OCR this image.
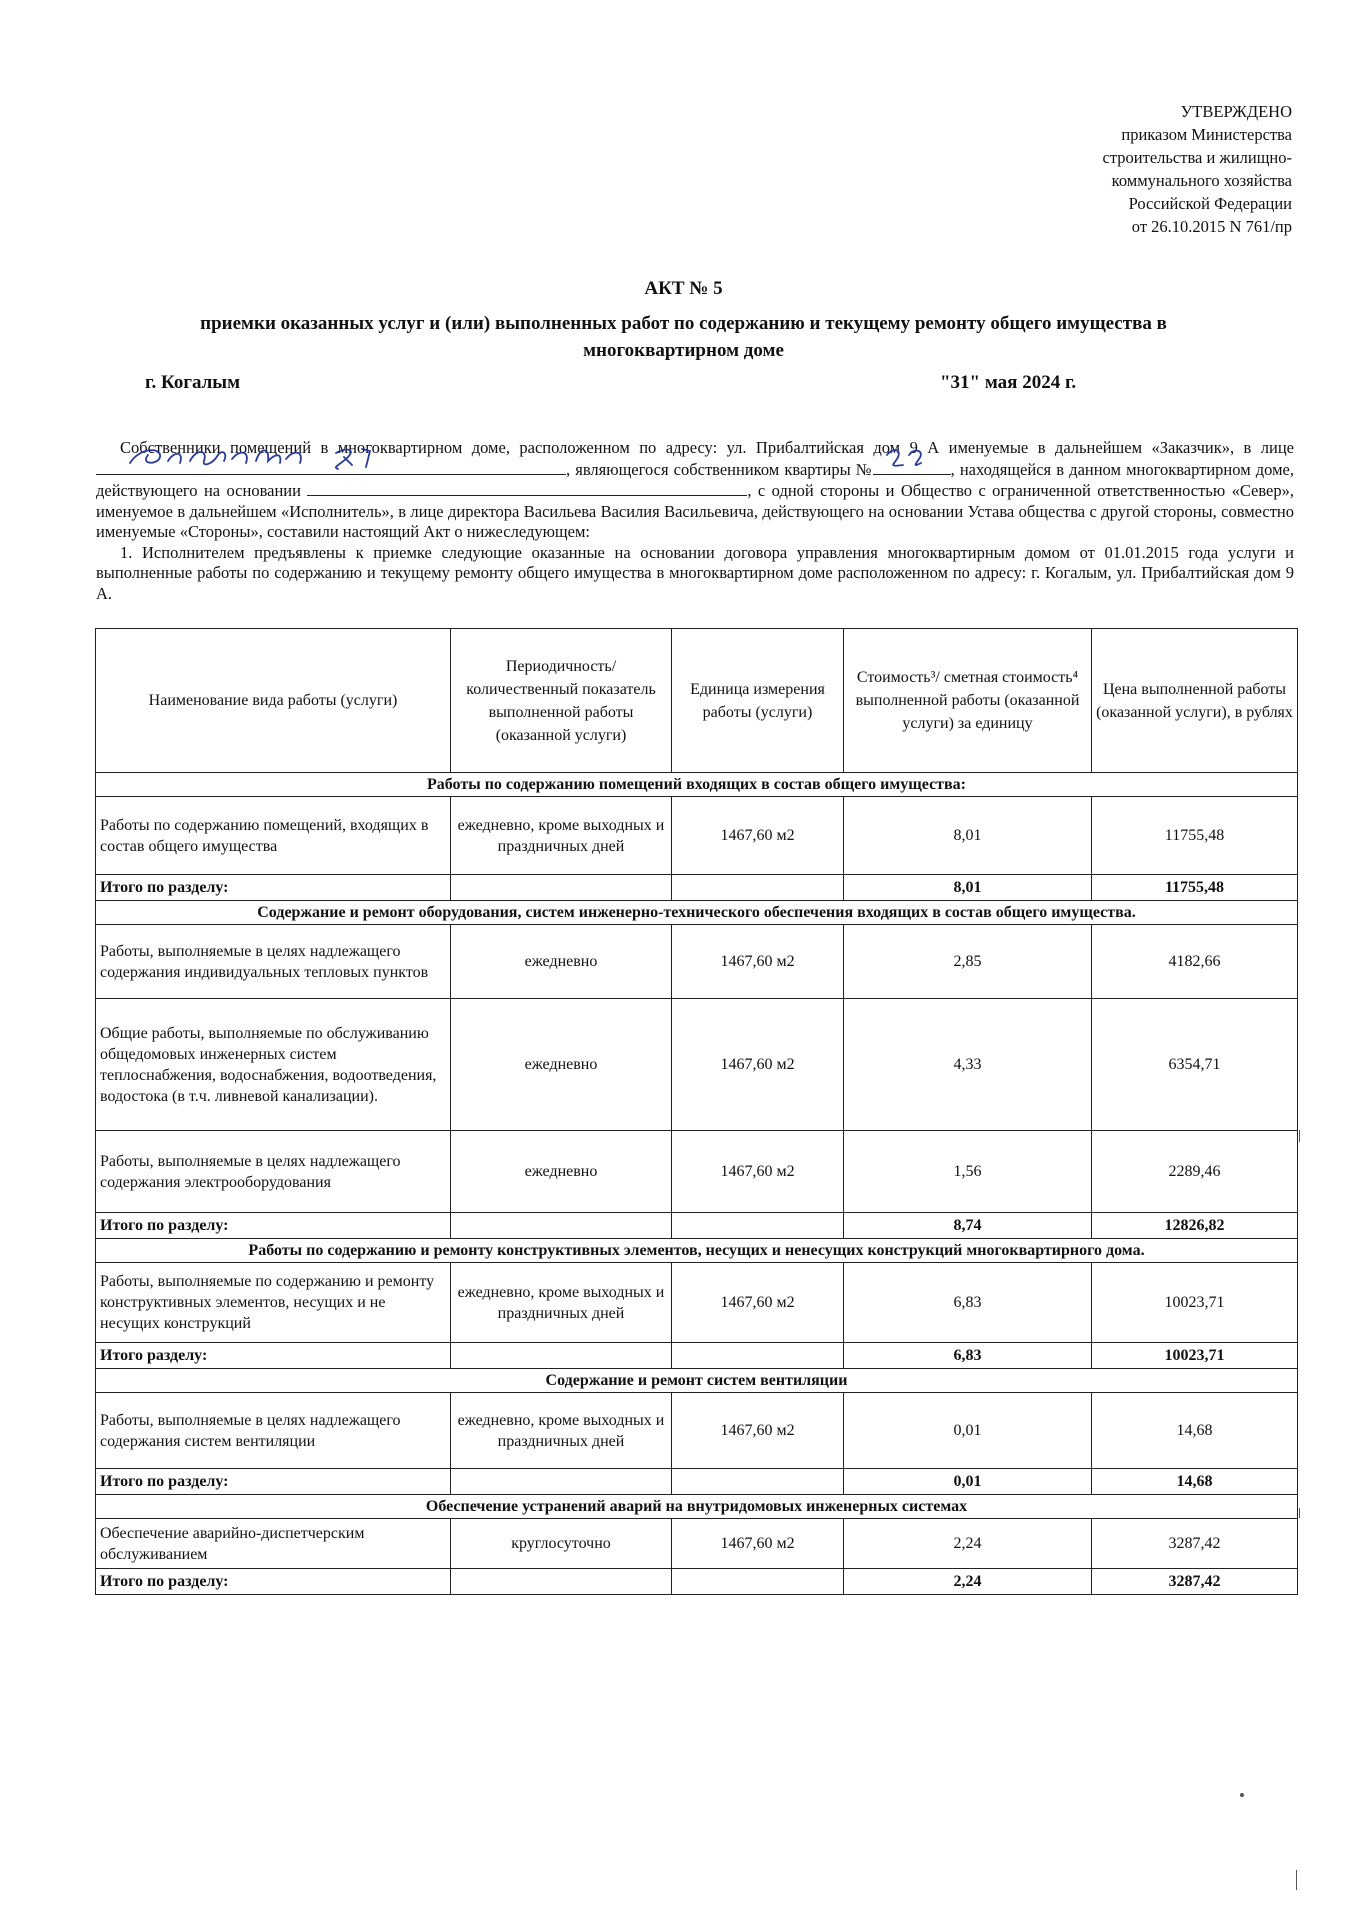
УТВЕРЖДЕНО
приказом Министерства
строительства и жилищно-
коммунального хозяйства
Российской Федерации
от 26.10.2015 N 761/пр
АКТ № 5
приемки оказанных услуг и (или) выполненных работ по содержанию и текущему ремонту общего имущества в многоквартирном доме
г. Когалым	"31" мая 2024 г.

Собственники помещений в многоквартирном доме, расположенном по адресу: ул. Прибалтийская дом 9 А именуемые в дальнейшем «Заказчик», в лице
, являющегося собственником квартиры №	, находящейся в данном многоквартирном доме, действующего на основании	, с одной стороны и Общество с ограниченной ответственностью «Север», именуемое в дальнейшем «Исполнитель», в лице директора Васильева Василия Васильевича, действующего на основании Устава общества с другой стороны, совместно именуемые «Стороны», составили настоящий Акт о нижеследующем:

1. Исполнителем предъявлены к приемке следующие оказанные на основании договора управления многоквартирным домом от 01.01.2015 года услуги и выполненные работы по содержанию и текущему ремонту общего имущества в многоквартирном доме расположенном по адресу: г. Когалым, ул. Прибалтийская дом 9 А.

Наименование вида работы (услуги)	Периодичность/ количественный показатель выполненной работы (оказанной услуги)	Единица измерения работы (услуги)	Стоимость³/ сметная стоимость⁴ выполненной работы (оказанной услуги) за единицу	Цена выполненной работы (оказанной услуги), в рублях
Работы по содержанию помещений входящих в состав общего имущества:				
Работы по содержанию помещений, входящих в состав общего имущества	ежедневно, кроме выходных и праздничных дней	1467,60 м2	8,01	11755,48
Итого по разделу:			8,01	11755,48
Содержание и ремонт оборудования, систем инженерно-технического обеспечения входящих в состав общего имущества.				
Работы, выполняемые в целях надлежащего содержания индивидуальных тепловых пунктов	ежедневно	1467,60 м2	2,85	4182,66
Общие работы, выполняемые по обслуживанию общедомовых инженерных систем теплоснабжения, водоснабжения, водоотведения, водостока (в т.ч. ливневой канализации).	ежедневно	1467,60 м2	4,33	6354,71
Работы, выполняемые в целях надлежащего содержания электрооборудования	ежедневно	1467,60 м2	1,56	2289,46
Итого по разделу:			8,74	12826,82
Работы по содержанию и ремонту конструктивных элементов, несущих и ненесущих конструкций многоквартирного дома.				
Работы, выполняемые по содержанию и ремонту конструктивных элементов, несущих и не несущих конструкций	ежедневно, кроме выходных и праздничных дней	1467,60 м2	6,83	10023,71
Итого разделу:			6,83	10023,71
Содержание и ремонт систем вентиляции				
Работы, выполняемые в целях надлежащего содержания систем вентиляции	ежедневно, кроме выходных и праздничных дней	1467,60 м2	0,01	14,68
Итого по разделу:			0,01	14,68
Обеспечение устранений аварий на внутридомовых инженерных системах				
Обеспечение аварийно-диспетчерским обслуживанием	круглосуточно	1467,60 м2	2,24	3287,42
Итого по разделу:			2,24	3287,42
